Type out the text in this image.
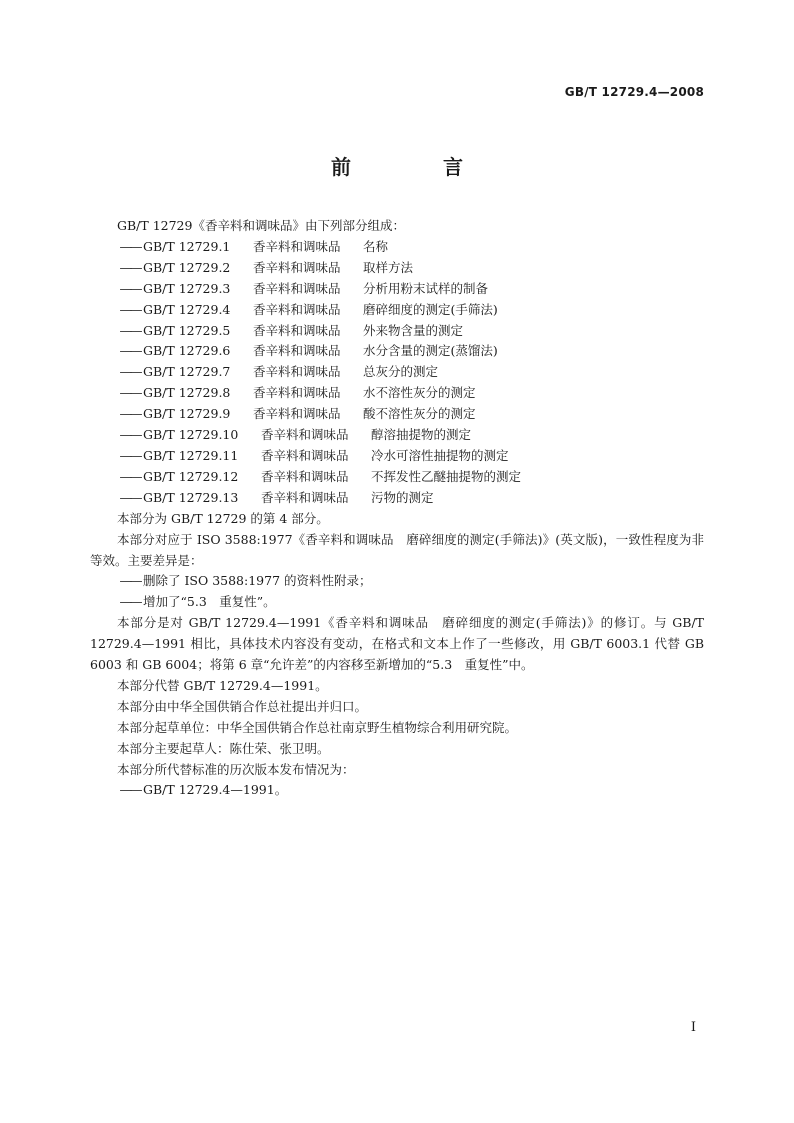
GB/T 12729.4—2008
前　言

GB/T 12729《香辛料和调味品》由下列部分组成：

—— GB/T 12729.1	香辛料和调味品	名称
—— GB/T 12729.2	香辛料和调味品	取样方法
—— GB/T 12729.3	香辛料和调味品	分析用粉末试样的制备
—— GB/T 12729.4	香辛料和调味品	磨碎细度的测定(手筛法)
—— GB/T 12729.5	香辛料和调味品	外来物含量的测定
—— GB/T 12729.6	香辛料和调味品	水分含量的测定(蒸馏法)
—— GB/T 12729.7	香辛料和调味品	总灰分的测定
—— GB/T 12729.8	香辛料和调味品	水不溶性灰分的测定
—— GB/T 12729.9	香辛料和调味品	酸不溶性灰分的测定
—— GB/T 12729.10	香辛料和调味品	醇溶抽提物的测定
—— GB/T 12729.11	香辛料和调味品	冷水可溶性抽提物的测定
—— GB/T 12729.12	香辛料和调味品	不挥发性乙醚抽提物的测定
—— GB/T 12729.13	香辛料和调味品	污物的测定

本部分为 GB/T 12729 的第 4 部分。

本部分对应于 ISO 3588:1977《香辛料和调味品　磨碎细度的测定(手筛法)》(英文版)，一致性程度为非等效。主要差异是：

—— 删除了 ISO 3588:1977 的资料性附录；
—— 增加了“5.3　重复性”。

本部分是对 GB/T 12729.4—1991《香辛料和调味品　磨碎细度的测定(手筛法)》的修订。与 GB/T 12729.4—1991 相比，具体技术内容没有变动，在格式和文本上作了一些修改，用 GB/T 6003.1 代替 GB 6003 和 GB 6004；将第 6 章“允许差”的内容移至新增加的“5.3　重复性”中。

本部分代替 GB/T 12729.4—1991。

本部分由中华全国供销合作总社提出并归口。

本部分起草单位：中华全国供销合作总社南京野生植物综合利用研究院。

本部分主要起草人：陈仕荣、张卫明。

本部分所代替标准的历次版本发布情况为：

—— GB/T 12729.4—1991。
I
